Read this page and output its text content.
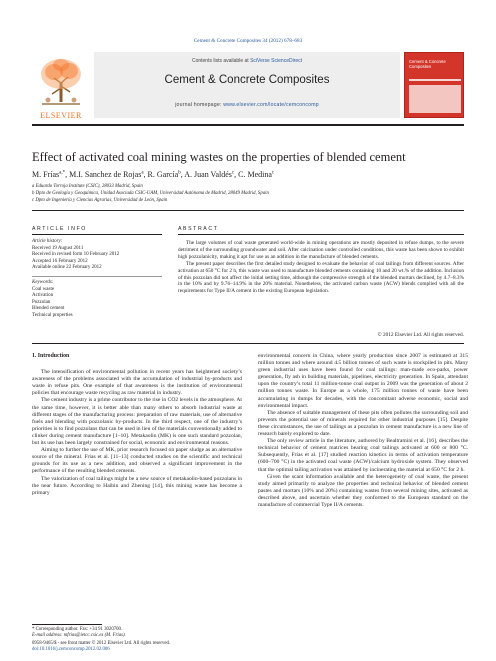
Cement & Concrete Composites 34 (2012) 678–683
ELSEVIER
Contents lists available at SciVerse ScienceDirect
Cement & Concrete Composites
journal homepage: www.elsevier.com/locate/cemconcomp
Cement & Concrete Composites
Effect of activated coal mining wastes on the properties of blended cement
M. Frías$^{a,*}$, M.I. Sanchez de Rojas$^a$, R. García$^b$, A. Juan Valdés$^c$, C. Medina$^c$
a Eduardo Torroja Institute (CSIC), 28033 Madrid, Spain
b Dpto de Geología y Geoquímica, Unidad Asociada CSIC-UAM, Universidad Autónoma de Madrid, 28049 Madrid, Spain
c Dpto de Ingeniería y Ciencias Agrarias, Universidad de León, Spain
ARTICLE INFO	ABSTRACT
Article history:
Received 19 August 2011
Received in revised form 10 February 2012
Accepted 16 February 2012
Available online 22 February 2012
Keywords:
Coal waste
Activation
Pozzolan
Blended cement
Technical properties

The large volumes of coal waste generated world-wide in mining operations are mostly deposited in refuse dumps, to the severe detriment of the surrounding groundwater and soil. After calcination under controlled conditions, this waste has been shown to exhibit high pozzolanicity, making it apt for use as an addition in the manufacture of blended cements.

The present paper describes the first detailed study designed to evaluate the behavior of coal tailings from different sources. After activation at 650 °C for 2 h, this waste was used to manufacture blended cements containing 10 and 20 wt.% of the addition. Inclusion of this pozzolan did not affect the initial setting time, although the compressive strength of the blended mortars declined, by 4.7–8.3% in the 10% and by 9.76–14.9% in the 20% material. Nonetheless, the activated carbon waste (ACW) blends complied with all the requirements for Type II/A cement in the existing European legislation.

© 2012 Elsevier Ltd. All rights reserved.
1. Introduction

The intensification of environmental pollution in recent years has heightened society’s awareness of the problems associated with the accumulation of industrial by-products and waste in refuse pits. One example of that awareness is the institution of environmental policies that encourage waste recycling as raw material in industry.

The cement industry is a prime contributor to the rise in CO2 levels in the atmosphere. At the same time, however, it is better able than many others to absorb industrial waste at different stages of the manufacturing process: preparation of raw materials, use of alternative fuels and blending with pozzolanic by-products. In the third respect, one of the industry’s priorities is to find pozzolans that can be used in lieu of the materials conventionally added to clinker during cement manufacture [1–10]. Metakaolin (MK) is one such standard pozzolan, but its use has been largely constrained for social, economic and environmental reasons.

Aiming to further the use of MK, prior research focused on paper sludge as an alternative source of the mineral. Frías et al. [11–13] conducted studies on the scientific and technical grounds for its use as a new addition, and observed a significant improvement in the performance of the resulting blended cements.

The valorization of coal tailings might be a new source of metakaolin-based pozzolans in the near future. According to Haibin and Zhening [14], this mining waste has become a primary

environmental concern in China, where yearly production since 2007 is estimated at 315 million tonnes and where around 4.5 billion tonnes of such waste is stockpiled in pits. Many green industrial uses have been found for coal tailings: man-made eco-parks, power generation, fly ash in building materials, pipelines, electricity generation. In Spain, attendant upon the country’s total 11 million-tonne coal output in 2009 was the generation of about 2 million tonnes waste. In Europe as a whole, 175 million tonnes of waste have been accumulating in dumps for decades, with the concomitant adverse economic, social and environmental impact.

The absence of suitable management of these pits often pollutes the surrounding soil and prevents the potential use of minerals required for other industrial purposes [15]. Despite these circumstances, the use of tailings as a pozzolan in cement manufacture is a new line of research barely explored to date.

The only review article in the literature, authored by Bealtramini et al. [16], describes the technical behavior of cement matrices bearing coal tailings activated at 600 or 800 °C. Subsequently, Frías et al. [17] studied reaction kinetics in terms of activation temperature (600–700 °C) in the activated coal waste (ACW)/calcium hydroxide system. They observed that the optimal tailing activation was attained by incinerating the material at 650 °C for 2 h.

Given the scant information available and the heterogeneity of coal waste, the present study aimed primarily to analyze the properties and technical behavior of blended cement pastes and mortars (10% and 20%) containing wastes from several mining sites, activated as described above, and ascertain whether they conformed to the European standard on the manufacture of commercial Type II/A cements.

* Corresponding author. Fax: +34 91 3020700.
E-mail address: mfrias@ietcc.csic.es (M. Frías).
0958-9465/$ - see front matter © 2012 Elsevier Ltd. All rights reserved.
doi:10.1016/j.cemconcomp.2012.02.006
